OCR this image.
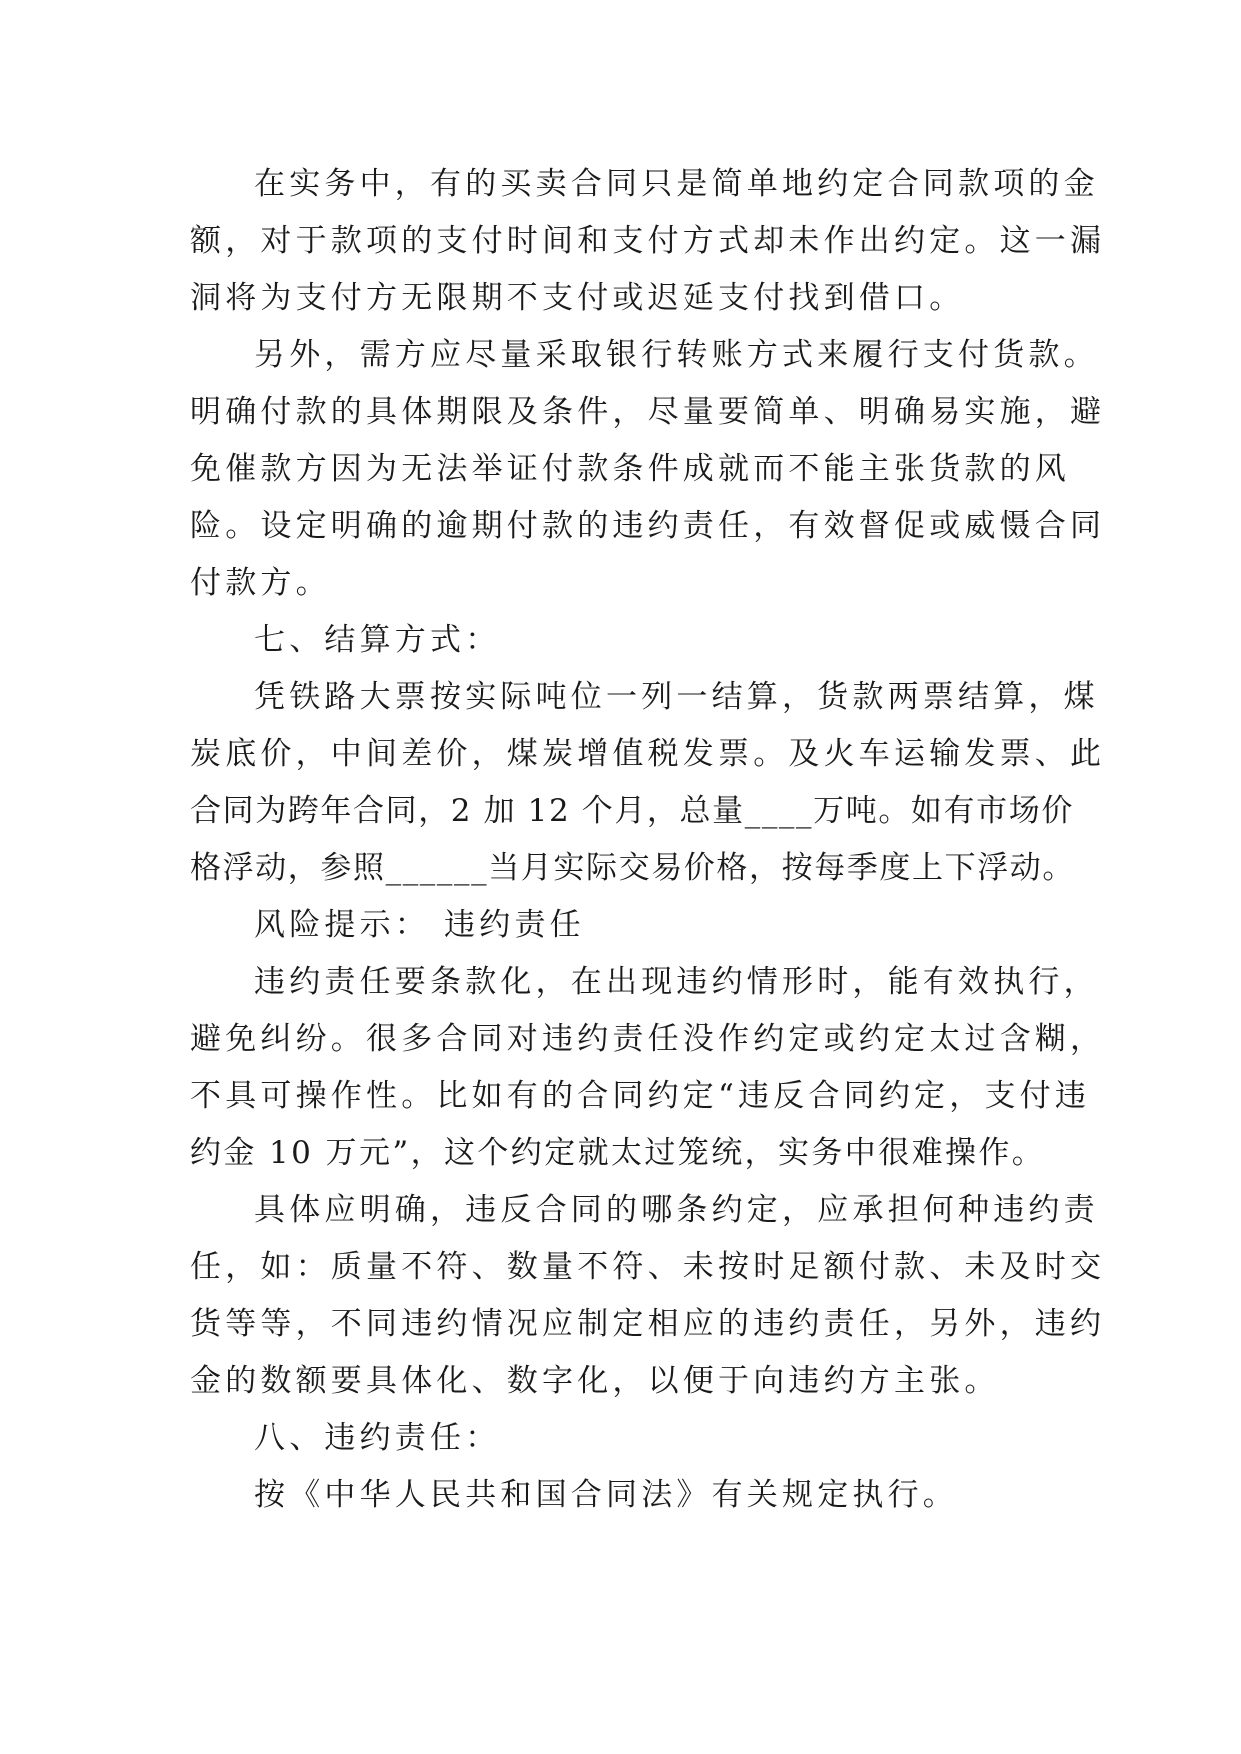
在实务中，有的买卖合同只是简单地约定合同款项的金
额，对于款项的支付时间和支付方式却未作出约定。这一漏
洞将为支付方无限期不支付或迟延支付找到借口。
另外，需方应尽量采取银行转账方式来履行支付货款。
明确付款的具体期限及条件，尽量要简单、明确易实施，避
免催款方因为无法举证付款条件成就而不能主张货款的风
险。设定明确的逾期付款的违约责任，有效督促或威慑合同
付款方。
七、结算方式：
凭铁路大票按实际吨位一列一结算，货款两票结算，煤
炭底价，中间差价，煤炭增值税发票。及火车运输发票、此
合同为跨年合同，2 加 12 个月，总量____万吨。如有市场价
格浮动，参照______当月实际交易价格，按每季度上下浮动。
风险提示： 违约责任
违约责任要条款化，在出现违约情形时，能有效执行，
避免纠纷。很多合同对违约责任没作约定或约定太过含糊，
不具可操作性。比如有的合同约定“违反合同约定，支付违
约金 10 万元”，这个约定就太过笼统，实务中很难操作。
具体应明确，违反合同的哪条约定，应承担何种违约责
任，如：质量不符、数量不符、未按时足额付款、未及时交
货等等，不同违约情况应制定相应的违约责任，另外，违约
金的数额要具体化、数字化，以便于向违约方主张。
八、违约责任：
按《中华人民共和国合同法》有关规定执行。
